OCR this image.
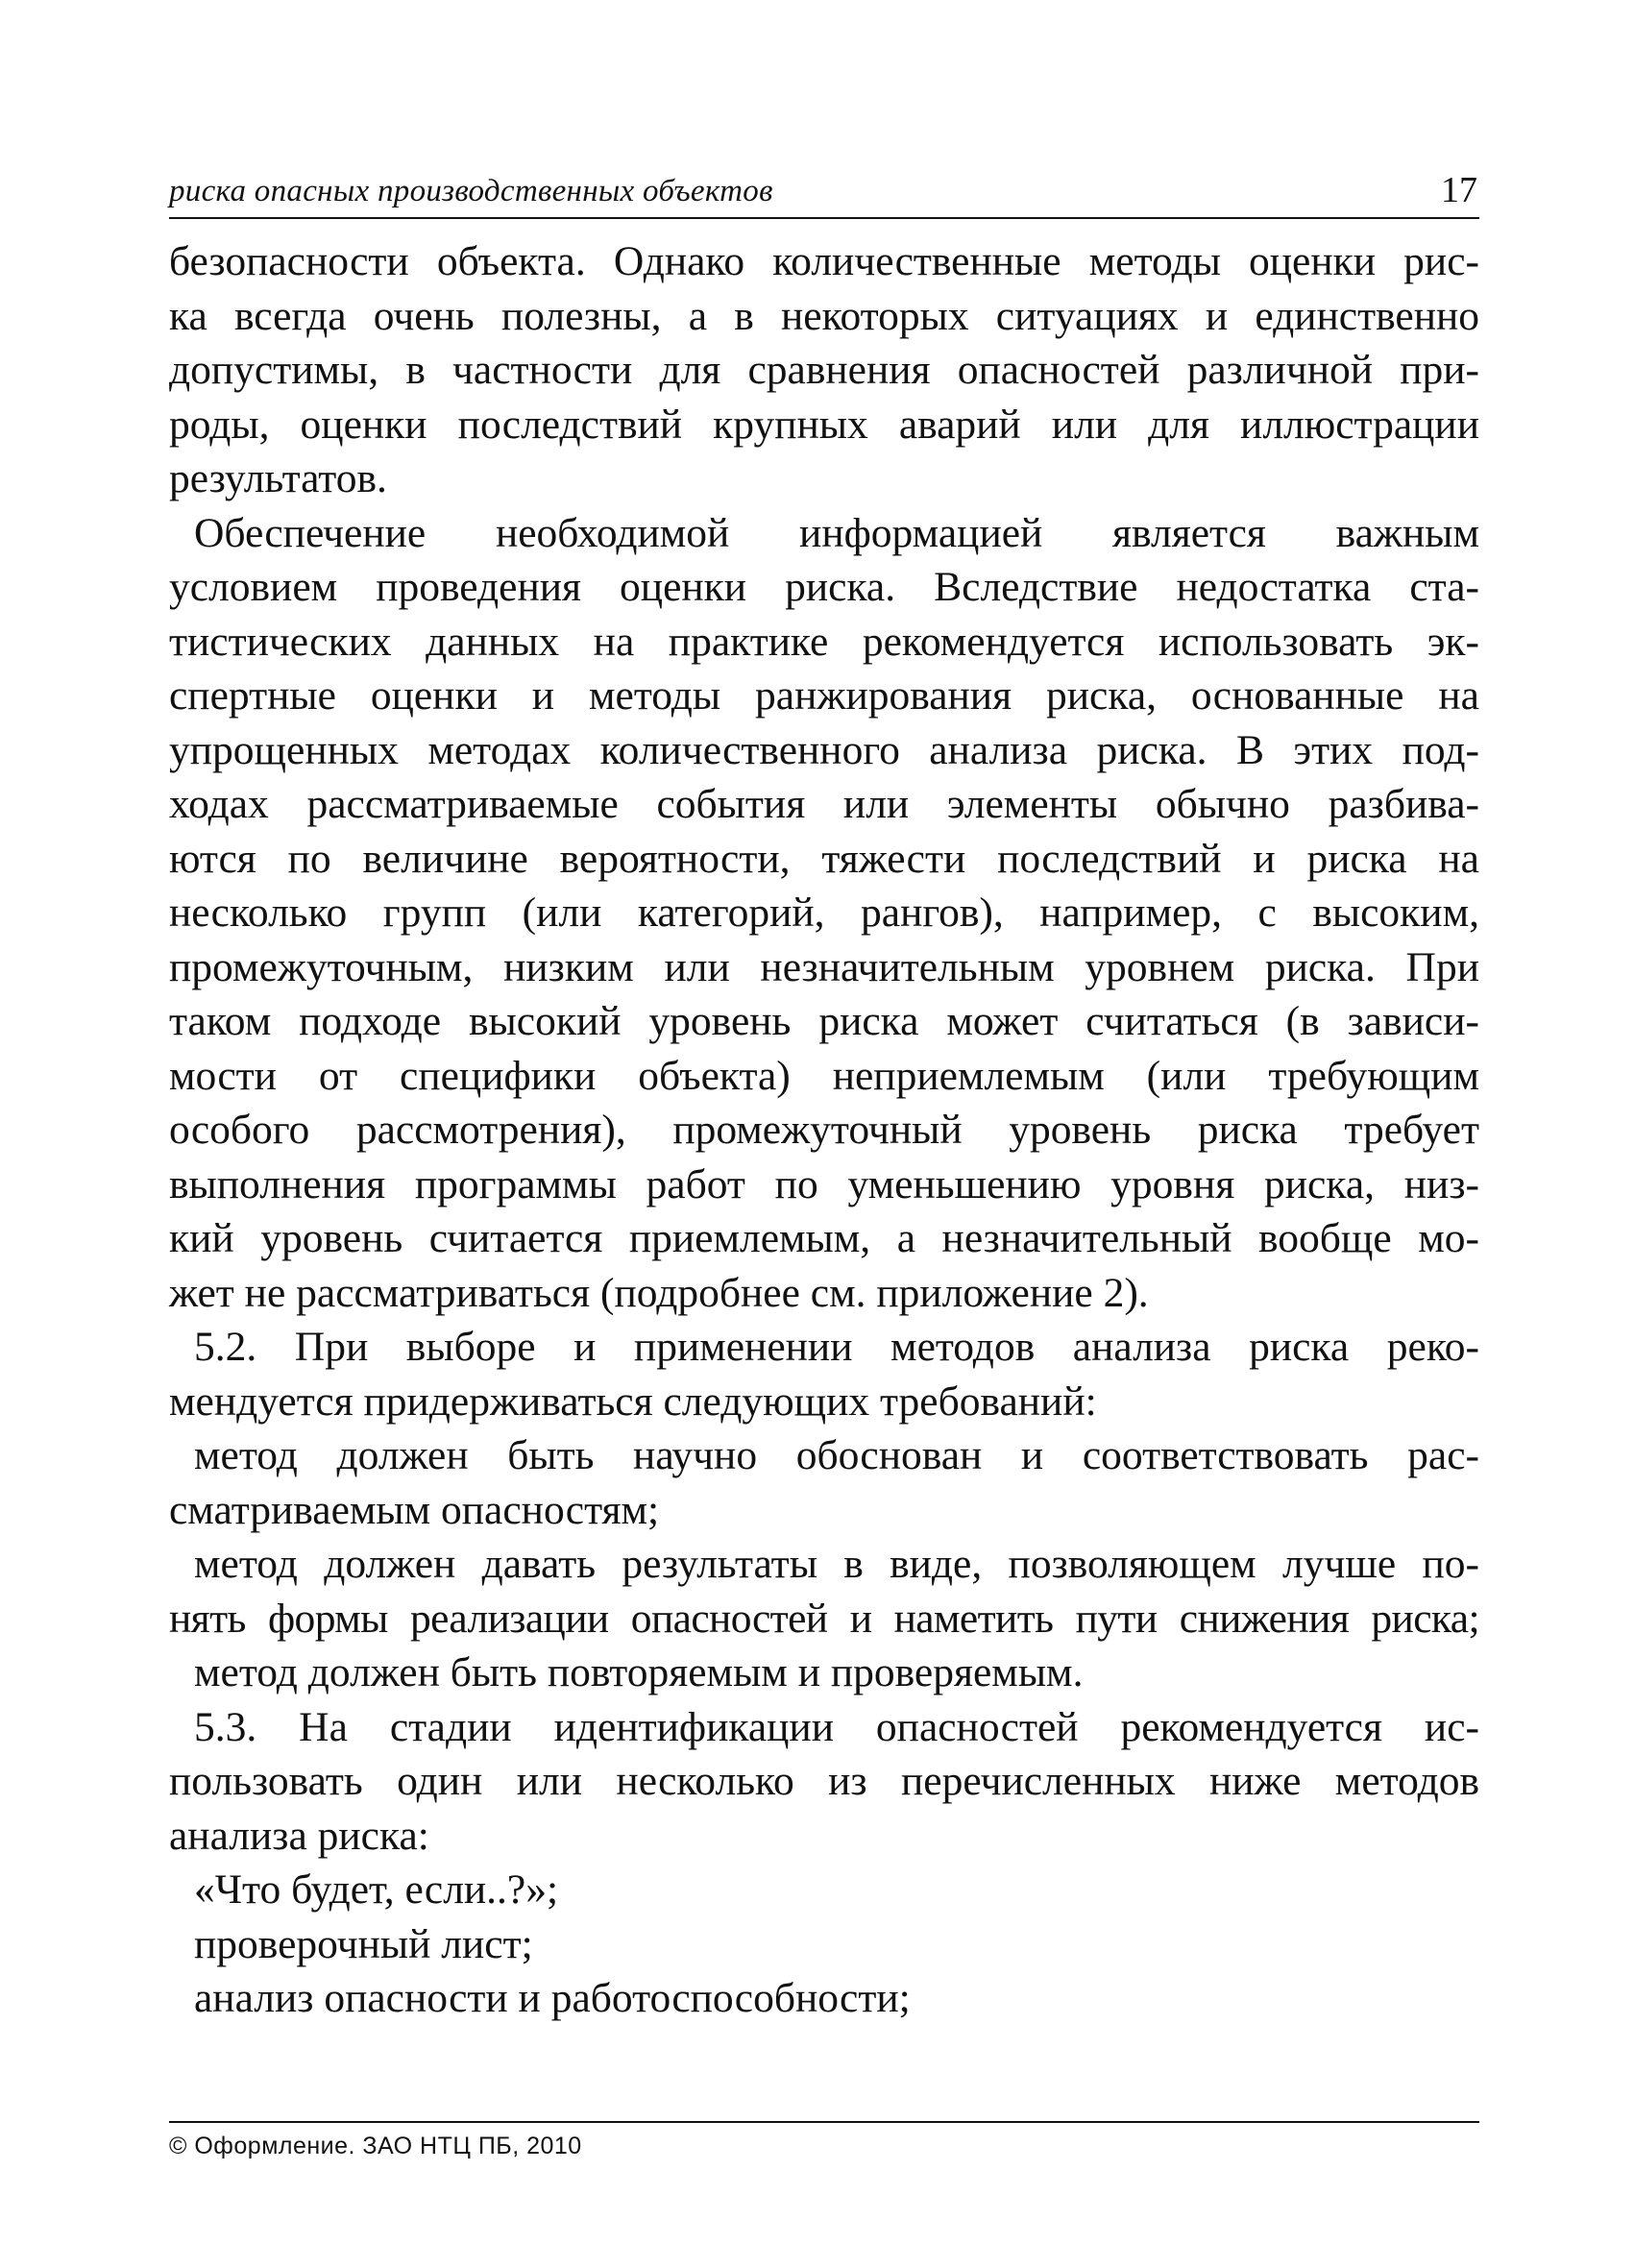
риска опасных производственных объектов	17
безопасности объекта. Однако количественные методы оценки рис-
ка всегда очень полезны, а в некоторых ситуациях и единственно
допустимы, в частности для сравнения опасностей различной при-
роды, оценки последствий крупных аварий или для иллюстрации
результатов.
Обеспечение необходимой информацией является важным
условием проведения оценки риска. Вследствие недостатка ста-
тистических данных на практике рекомендуется использовать эк-
спертные оценки и методы ранжирования риска, основанные на
упрощенных методах количественного анализа риска. В этих под-
ходах рассматриваемые события или элементы обычно разбива-
ются по величине вероятности, тяжести последствий и риска на
несколько групп (или категорий, рангов), например, с высоким,
промежуточным, низким или незначительным уровнем риска. При
таком подходе высокий уровень риска может считаться (в зависи-
мости от специфики объекта) неприемлемым (или требующим
особого рассмотрения), промежуточный уровень риска требует
выполнения программы работ по уменьшению уровня риска, низ-
кий уровень считается приемлемым, а незначительный вообще мо-
жет не рассматриваться (подробнее см. приложение 2).
5.2. При выборе и применении методов анализа риска реко-
мендуется придерживаться следующих требований:
метод должен быть научно обоснован и соответствовать рас-
сматриваемым опасностям;
метод должен давать результаты в виде, позволяющем лучше по-
нять формы реализации опасностей и наметить пути снижения риска;
метод должен быть повторяемым и проверяемым.
5.3. На стадии идентификации опасностей рекомендуется ис-
пользовать один или несколько из перечисленных ниже методов
анализа риска:
«Что будет, если..?»;
проверочный лист;
анализ опасности и работоспособности;
© Оформление. ЗАО НТЦ ПБ, 2010
